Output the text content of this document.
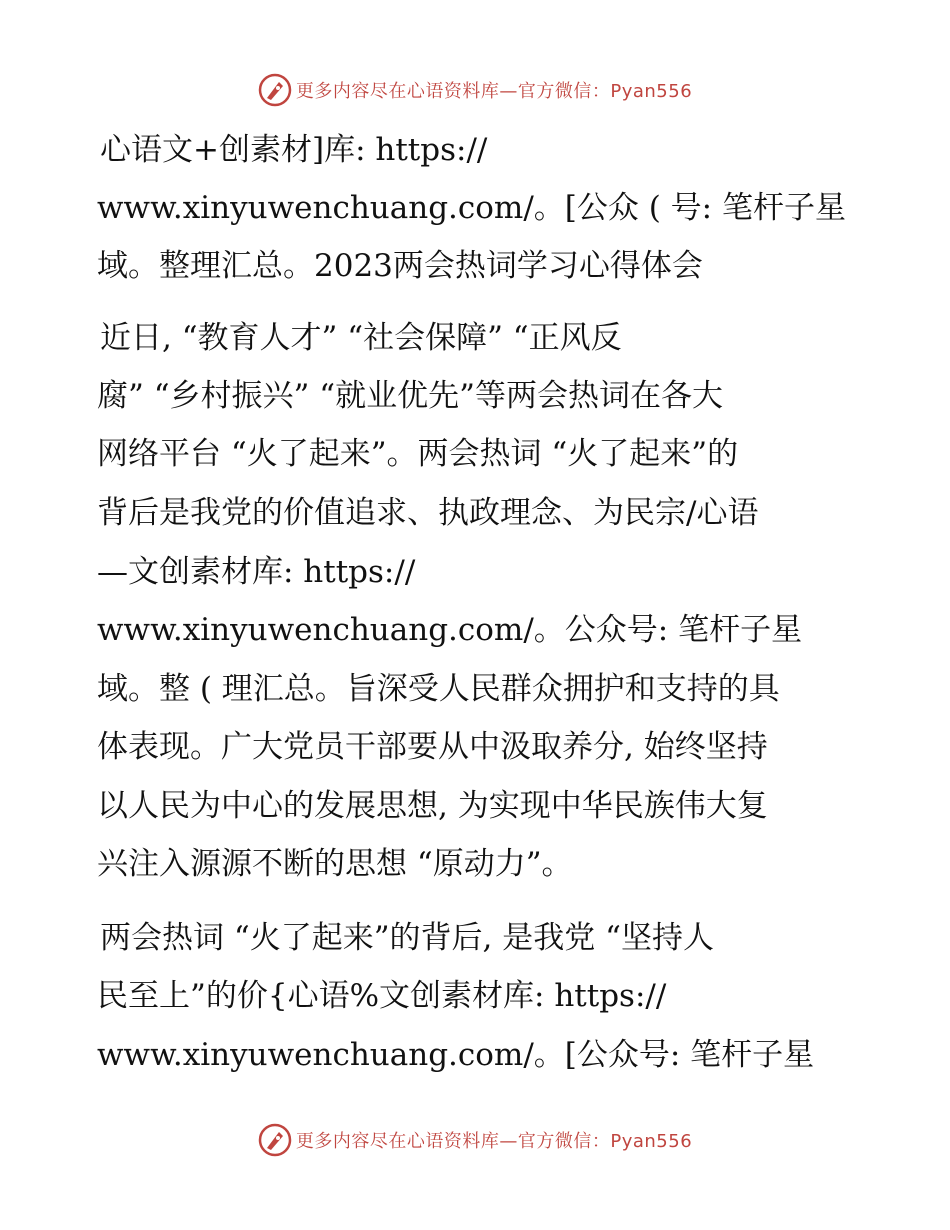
更多内容尽在心语资料库—官方微信：Pyan556
心语文+创素材]库: https://
www.xinyuwenchuang.com/。[公众 ( 号: 笔杆子星
域。整理汇总。2023两会热词学习心得体会
近日, “教育人才” “社会保障” “正风反
腐” “乡村振兴” “就业优先”等两会热词在各大
网络平台 “火了起来”。两会热词 “火了起来”的
背后是我党的价值追求、执政理念、为民宗/心语
—文创素材库: https://
www.xinyuwenchuang.com/。公众号: 笔杆子星
域。整 ( 理汇总。旨深受人民群众拥护和支持的具
体表现。广大党员干部要从中汲取养分, 始终坚持
以人民为中心的发展思想, 为实现中华民族伟大复
兴注入源源不断的思想 “原动力”。
两会热词 “火了起来”的背后, 是我党 “坚持人
民至上”的价{心语%文创素材库: https://
www.xinyuwenchuang.com/。[公众号: 笔杆子星
更多内容尽在心语资料库—官方微信：Pyan556
